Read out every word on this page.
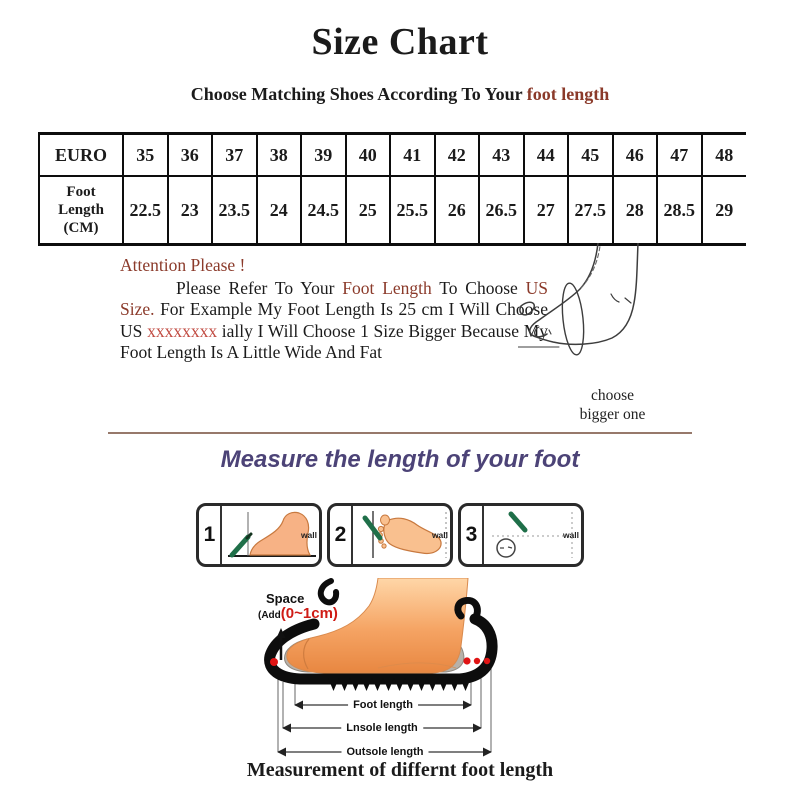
Size Chart
Choose Matching Shoes According To Your foot length
EURO	35	36	37	38	39	40	41	42	43	44	45	46	47	48
Foot Length (CM)	22.5	23	23.5	24	24.5	25	25.5	26	26.5	27	27.5	28	28.5	29
Attention Please !
Please Refer To Your Foot Length To Choose US Size. For Example My Foot Length Is 25 cm I Will Choose US xxxxxxxx ially I Will Choose 1 Size Bigger Because My Foot Length Is A Little Wide And Fat
choose
bigger one
Measure the length of your foot
1	wall 2	wall 3	wall
Space
(Add(0~1cm)
Foot length
Lnsole length
Outsole length
Measurement of differnt foot length
